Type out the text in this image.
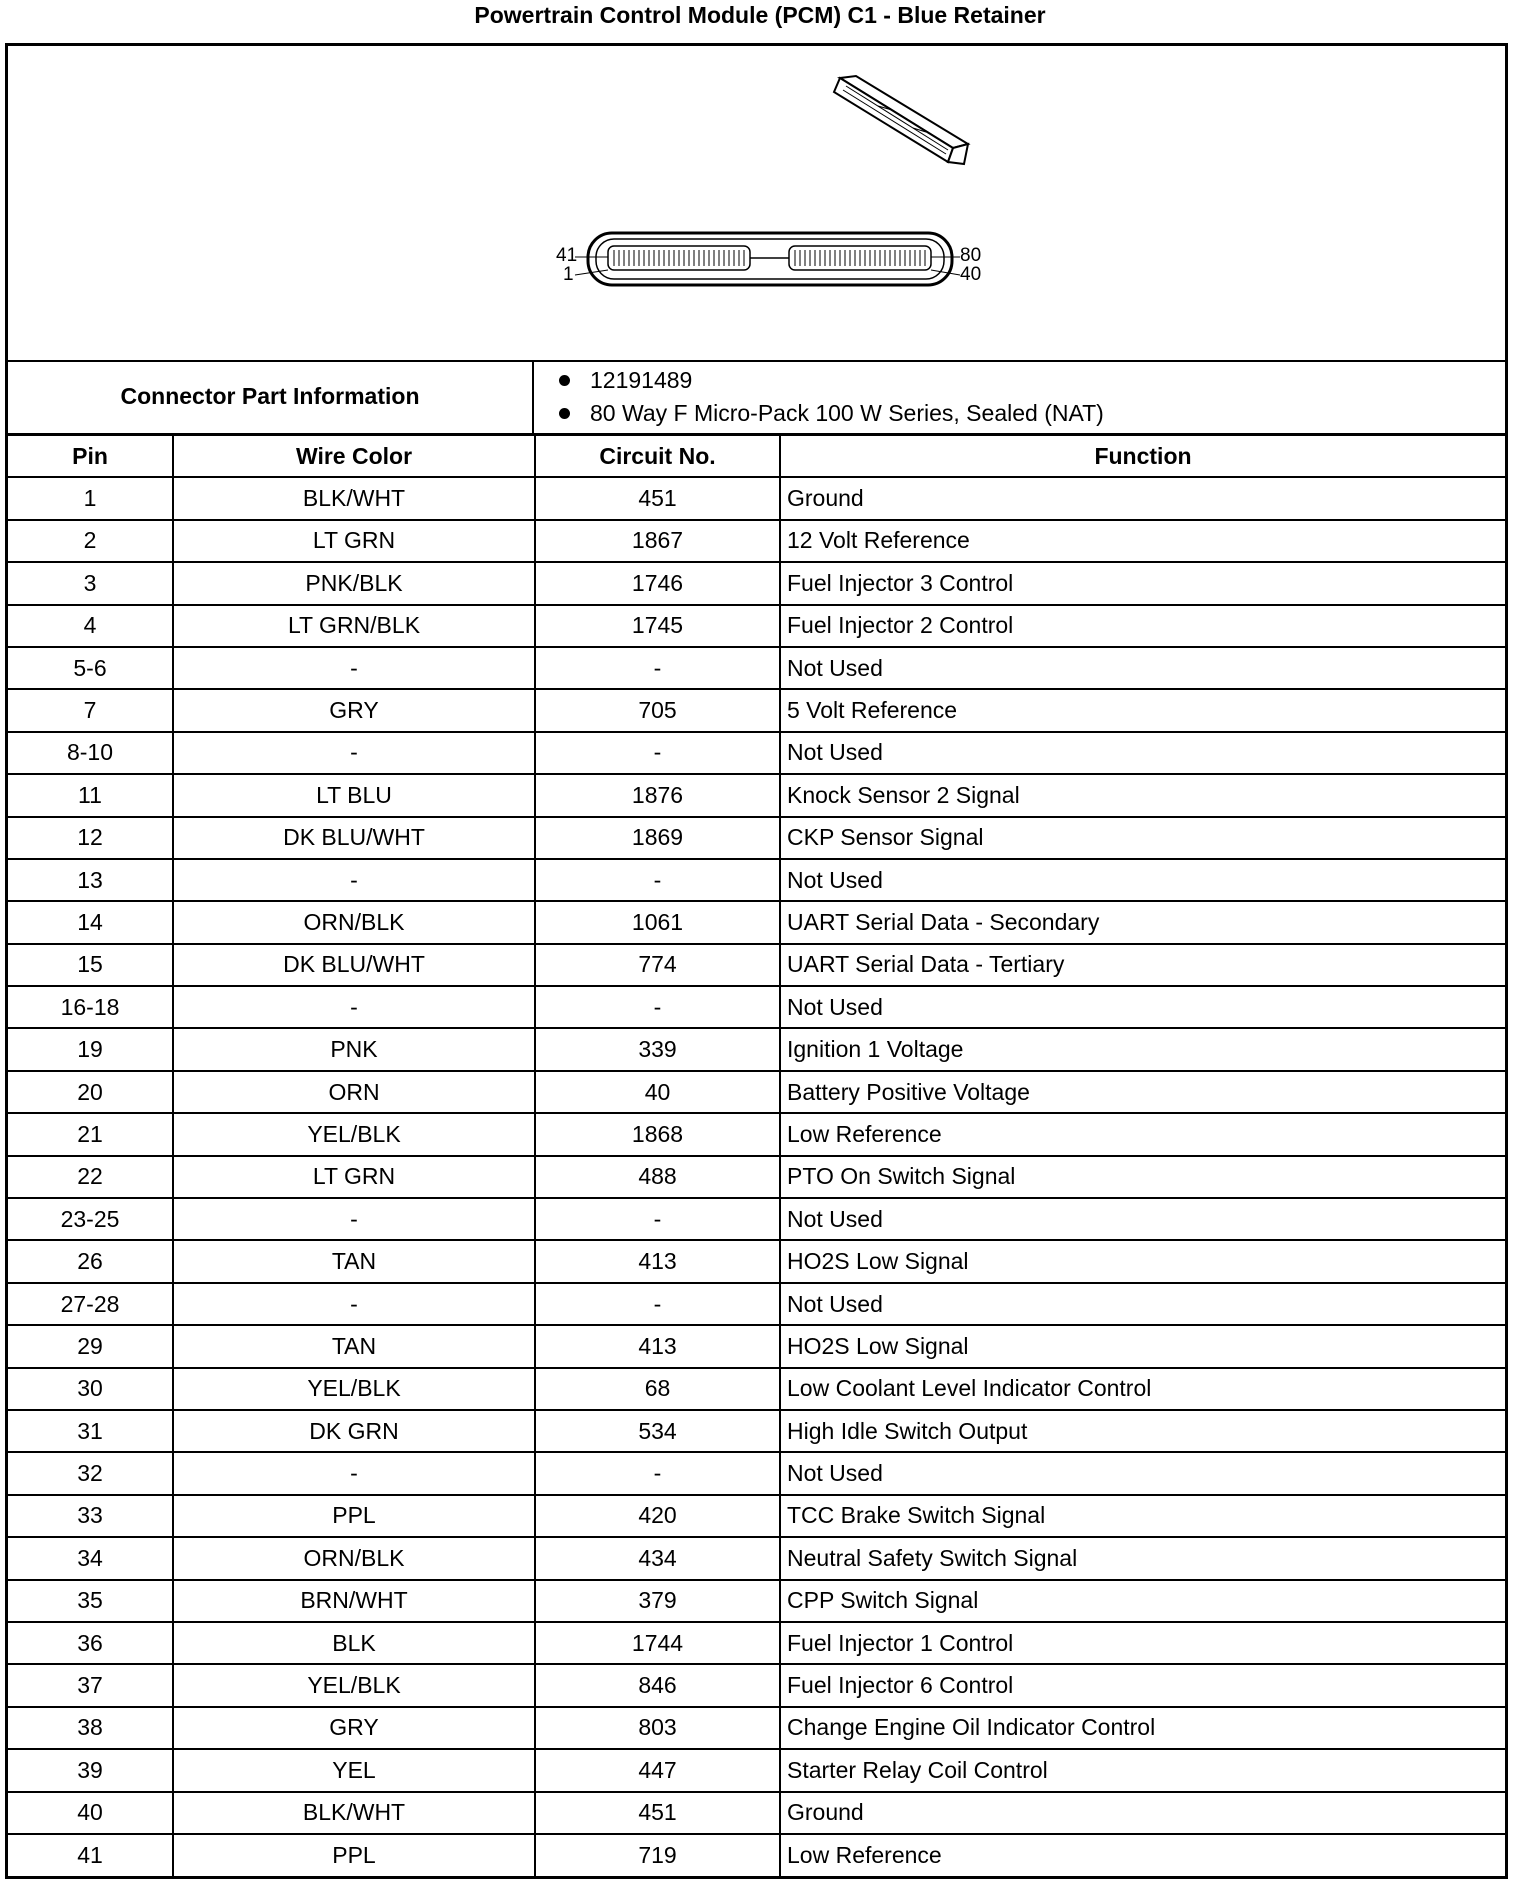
Powertrain Control Module (PCM) C1 - Blue Retainer
41
1
80
40
Connector Part Information	
12191489
80 Way F Micro-Pack 100 W Series, Sealed (NAT)
Pin	Wire Color	Circuit No.	Function
1	BLK/WHT	451	Ground
2	LT GRN	1867	12 Volt Reference
3	PNK/BLK	1746	Fuel Injector 3 Control
4	LT GRN/BLK	1745	Fuel Injector 2 Control
5-6	-	-	Not Used
7	GRY	705	5 Volt Reference
8-10	-	-	Not Used
11	LT BLU	1876	Knock Sensor 2 Signal
12	DK BLU/WHT	1869	CKP Sensor Signal
13	-	-	Not Used
14	ORN/BLK	1061	UART Serial Data - Secondary
15	DK BLU/WHT	774	UART Serial Data - Tertiary
16-18	-	-	Not Used
19	PNK	339	Ignition 1 Voltage
20	ORN	40	Battery Positive Voltage
21	YEL/BLK	1868	Low Reference
22	LT GRN	488	PTO On Switch Signal
23-25	-	-	Not Used
26	TAN	413	HO2S Low Signal
27-28	-	-	Not Used
29	TAN	413	HO2S Low Signal
30	YEL/BLK	68	Low Coolant Level Indicator Control
31	DK GRN	534	High Idle Switch Output
32	-	-	Not Used
33	PPL	420	TCC Brake Switch Signal
34	ORN/BLK	434	Neutral Safety Switch Signal
35	BRN/WHT	379	CPP Switch Signal
36	BLK	1744	Fuel Injector 1 Control
37	YEL/BLK	846	Fuel Injector 6 Control
38	GRY	803	Change Engine Oil Indicator Control
39	YEL	447	Starter Relay Coil Control
40	BLK/WHT	451	Ground
41	PPL	719	Low Reference
